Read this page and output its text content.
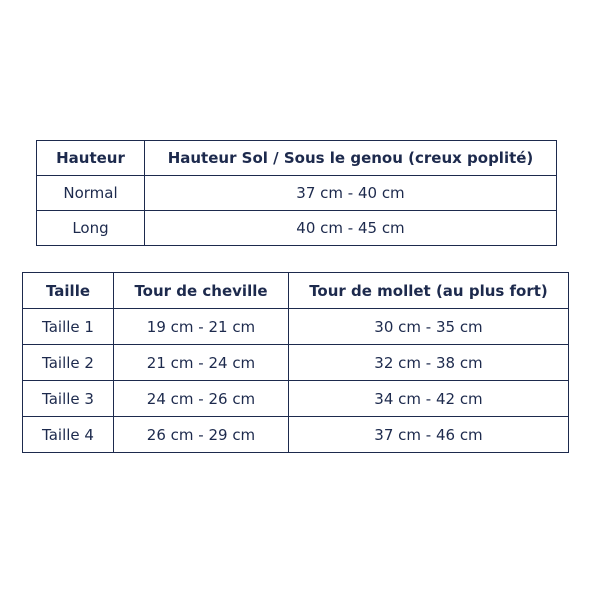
Hauteur	Hauteur Sol / Sous le genou (creux poplité)
Normal	37 cm - 40 cm
Long	40 cm - 45 cm
Taille	Tour de cheville	Tour de mollet (au plus fort)
Taille 1	19 cm - 21 cm	30 cm - 35 cm
Taille 2	21 cm - 24 cm	32 cm - 38 cm
Taille 3	24 cm - 26 cm	34 cm - 42 cm
Taille 4	26 cm - 29 cm	37 cm - 46 cm
